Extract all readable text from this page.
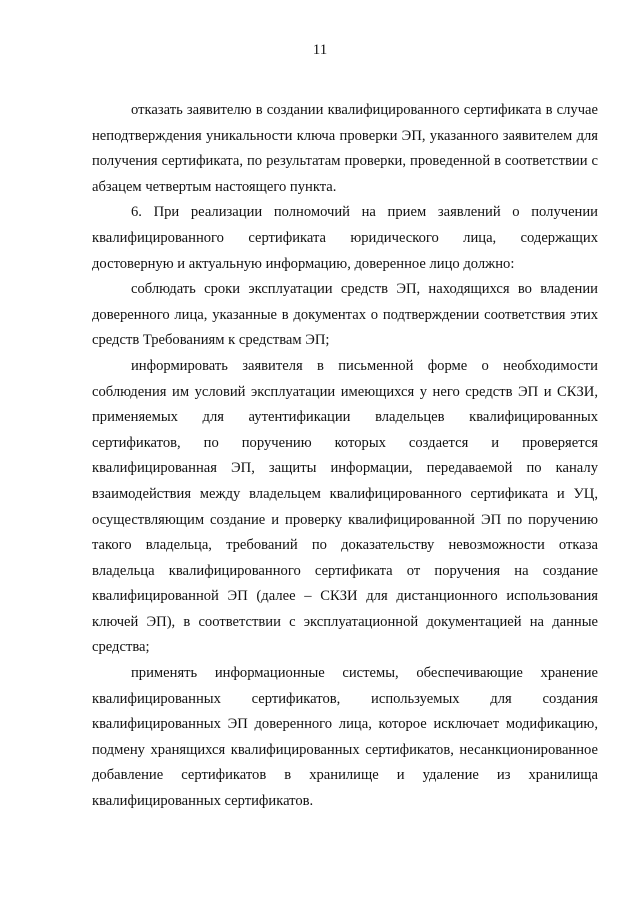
11

отказать заявителю в создании квалифицированного сертификата в случае неподтверждения уникальности ключа проверки ЭП, указанного заявителем для получения сертификата, по результатам проверки, проведенной в соответствии с абзацем четвертым настоящего пункта.

6. При реализации полномочий на прием заявлений о получении квалифицированного сертификата юридического лица, содержащих достоверную и актуальную информацию, доверенное лицо должно:

соблюдать сроки эксплуатации средств ЭП, находящихся во владении доверенного лица, указанные в документах о подтверждении соответствия этих средств Требованиям к средствам ЭП;

информировать заявителя в письменной форме о необходимости соблюдения им условий эксплуатации имеющихся у него средств ЭП и СКЗИ, применяемых для аутентификации владельцев квалифицированных сертификатов, по поручению которых создается и проверяется квалифицированная ЭП, защиты информации, передаваемой по каналу взаимодействия между владельцем квалифицированного сертификата и УЦ, осуществляющим создание и проверку квалифицированной ЭП по поручению такого владельца, требований по доказательству невозможности отказа владельца квалифицированного сертификата от поручения на создание квалифицированной ЭП (далее – СКЗИ для дистанционного использования ключей ЭП), в соответствии с эксплуатационной документацией на данные средства;

применять информационные системы, обеспечивающие хранение квалифицированных сертификатов, используемых для создания квалифицированных ЭП доверенного лица, которое исключает модификацию, подмену хранящихся квалифицированных сертификатов, несанкционированное добавление сертификатов в хранилище и удаление из хранилища квалифицированных сертификатов.
